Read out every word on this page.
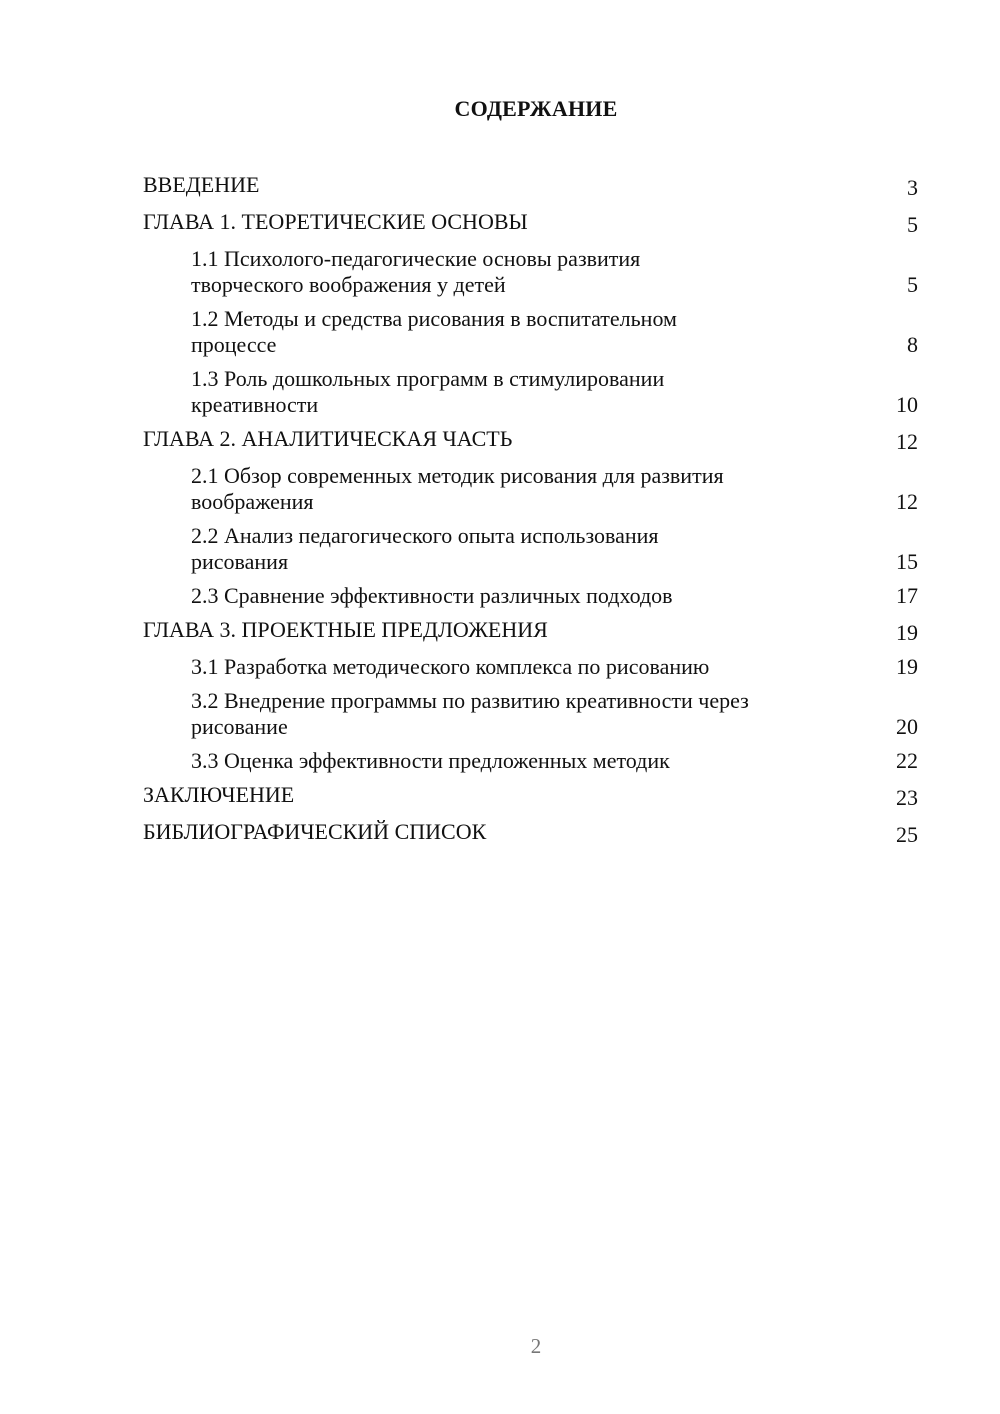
СОДЕРЖАНИЕ
ВВЕДЕНИЕ	3
ГЛАВА 1. ТЕОРЕТИЧЕСКИЕ ОСНОВЫ	5
1.1 Психолого-педагогические основы развития
творческого воображения у детей	5
1.2 Методы и средства рисования в воспитательном
процессе	8
1.3 Роль дошкольных программ в стимулировании
креативности	10
ГЛАВА 2. АНАЛИТИЧЕСКАЯ ЧАСТЬ	12
2.1 Обзор современных методик рисования для развития
воображения	12
2.2 Анализ педагогического опыта использования
рисования	15
2.3 Сравнение эффективности различных подходов	17
ГЛАВА 3. ПРОЕКТНЫЕ ПРЕДЛОЖЕНИЯ	19
3.1 Разработка методического комплекса по рисованию	19
3.2 Внедрение программы по развитию креативности через
рисование	20
3.3 Оценка эффективности предложенных методик	22
ЗАКЛЮЧЕНИЕ	23
БИБЛИОГРАФИЧЕСКИЙ СПИСОК	25
2
